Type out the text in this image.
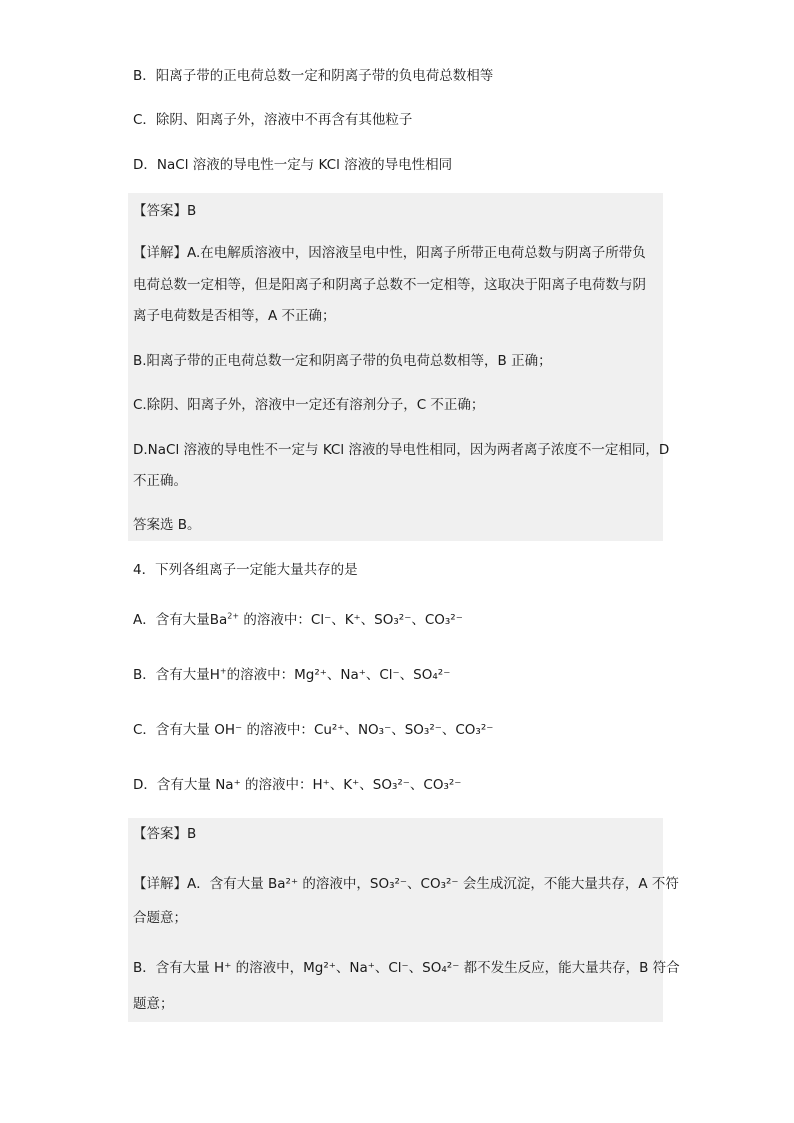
B．阳离子带的正电荷总数一定和阴离子带的负电荷总数相等
C．除阴、阳离子外，溶液中不再含有其他粒子
D．NaCl 溶液的导电性一定与 KCl 溶液的导电性相同
【答案】B
【详解】A.在电解质溶液中，因溶液呈电中性，阳离子所带正电荷总数与阴离子所带负
电荷总数一定相等，但是阳离子和阴离子总数不一定相等，这取决于阳离子电荷数与阴
离子电荷数是否相等，A 不正确；
B.阳离子带的正电荷总数一定和阴离子带的负电荷总数相等，B 正确；
C.除阴、阳离子外，溶液中一定还有溶剂分子，C 不正确；
D.NaCl 溶液的导电性不一定与 KCl 溶液的导电性相同，因为两者离子浓度不一定相同，D
不正确。
答案选 B。
4．下列各组离子一定能大量共存的是
A．含有大量$Ba^{2+}$ 的溶液中：Cl⁻、K⁺、SO₃²⁻、CO₃²⁻
B．含有大量H+的溶液中：Mg²⁺、Na⁺、Cl⁻、SO₄²⁻
C．含有大量 OH⁻ 的溶液中：Cu²⁺、NO₃⁻、SO₃²⁻、CO₃²⁻
D．含有大量 Na⁺ 的溶液中：H⁺、K⁺、SO₃²⁻、CO₃²⁻
【答案】B
【详解】A．含有大量 Ba²⁺ 的溶液中，SO₃²⁻、CO₃²⁻ 会生成沉淀，不能大量共存，A 不符
合题意；
B．含有大量 H⁺ 的溶液中，Mg²⁺、Na⁺、Cl⁻、SO₄²⁻ 都不发生反应，能大量共存，B 符合
题意；
